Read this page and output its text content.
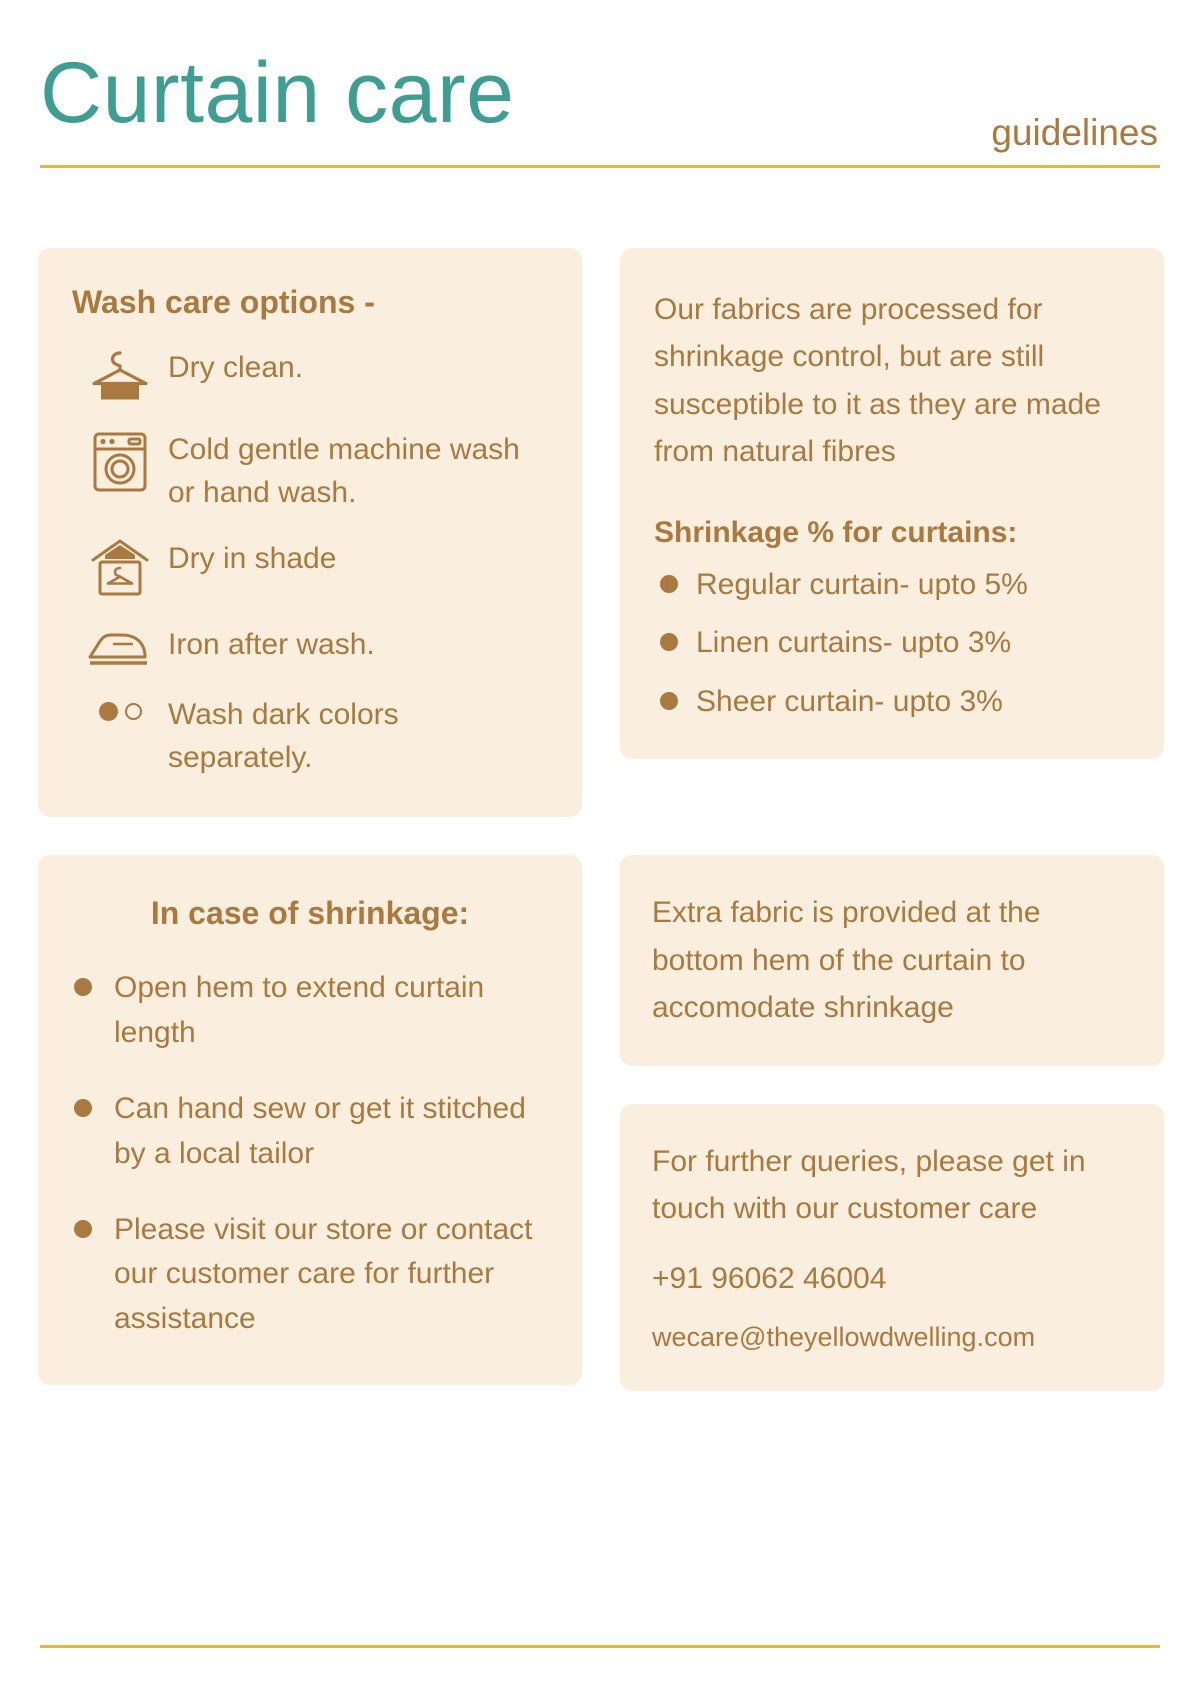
Curtain care	guidelines
Wash care options -
Dry clean.
Cold gentle machine wash or hand wash.
Dry in shade
Iron after wash.
Wash dark colors separately.

Our fabrics are processed for shrinkage control, but are still susceptible to it as they are made from natural fibres

Shrinkage % for curtains:
Regular curtain- upto 5%
Linen curtains- upto 3%
Sheer curtain- upto 3%
In case of shrinkage:
Open hem to extend curtain length
Can hand sew or get it stitched by a local tailor
Please visit our store or contact our customer care for further assistance

Extra fabric is provided at the bottom hem of the curtain to accomodate shrinkage

For further queries, please get in touch with our customer care

+91 96062 46004
wecare@theyellowdwelling.com
